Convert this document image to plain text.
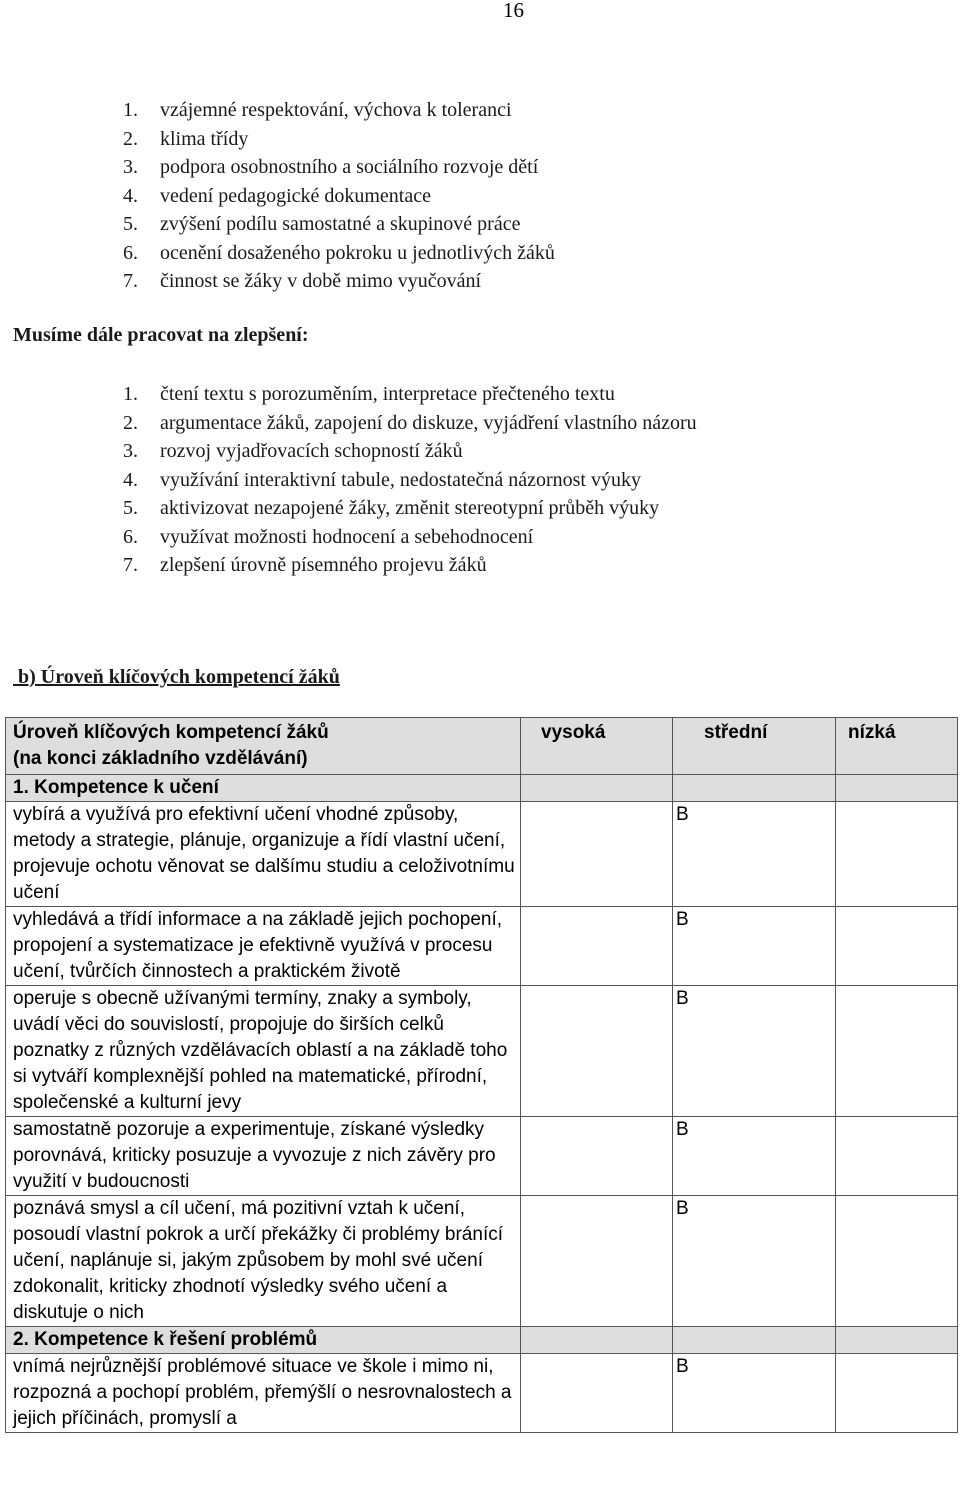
16
1. vzájemné respektování, výchova k toleranci
2. klima třídy
3. podpora osobnostního a sociálního rozvoje dětí
4. vedení pedagogické dokumentace
5. zvýšení podílu samostatné a skupinové práce
6. ocenění dosaženého pokroku u jednotlivých žáků
7. činnost se žáky v době mimo vyučování
Musíme dále pracovat na zlepšení:
1. čtení textu s porozuměním, interpretace přečteného textu
2. argumentace žáků, zapojení do diskuze, vyjádření vlastního názoru
3. rozvoj vyjadřovacích schopností žáků
4. využívání interaktivní tabule, nedostatečná názornost výuky
5. aktivizovat nezapojené žáky, změnit stereotypní průběh výuky
6. využívat možnosti hodnocení a sebehodnocení
7. zlepšení úrovně písemného projevu žáků
b) Úroveň klíčových kompetencí žáků
Úroveň klíčových kompetencí žáků
(na konci základního vzdělávání)	vysoká	střední	nízká
1. Kompetence k učení			
vybírá a využívá pro efektivní učení vhodné způsoby, metody a strategie, plánuje, organizuje a řídí vlastní učení, projevuje ochotu věnovat se dalšímu studiu a celoživotnímu učení		B	
vyhledává a třídí informace a na základě jejich pochopení, propojení a systematizace je efektivně využívá v procesu učení, tvůrčích činnostech a praktickém životě		B	
operuje s obecně užívanými termíny, znaky a symboly, uvádí věci do souvislostí, propojuje do širších celků poznatky z různých vzdělávacích oblastí a na základě toho si vytváří komplexnější pohled na matematické, přírodní, společenské a kulturní jevy		B	
samostatně pozoruje a experimentuje, získané výsledky porovnává, kriticky posuzuje a vyvozuje z nich závěry pro využití v budoucnosti		B	
poznává smysl a cíl učení, má pozitivní vztah k učení, posoudí vlastní pokrok a určí překážky či problémy bránící učení, naplánuje si, jakým způsobem by mohl své učení zdokonalit, kriticky zhodnotí výsledky svého učení a diskutuje o nich		B	
2. Kompetence k řešení problémů			
vnímá nejrůznější problémové situace ve škole i mimo ni, rozpozná a pochopí problém, přemýšlí o nesrovnalostech a jejich příčinách, promyslí a		B	
